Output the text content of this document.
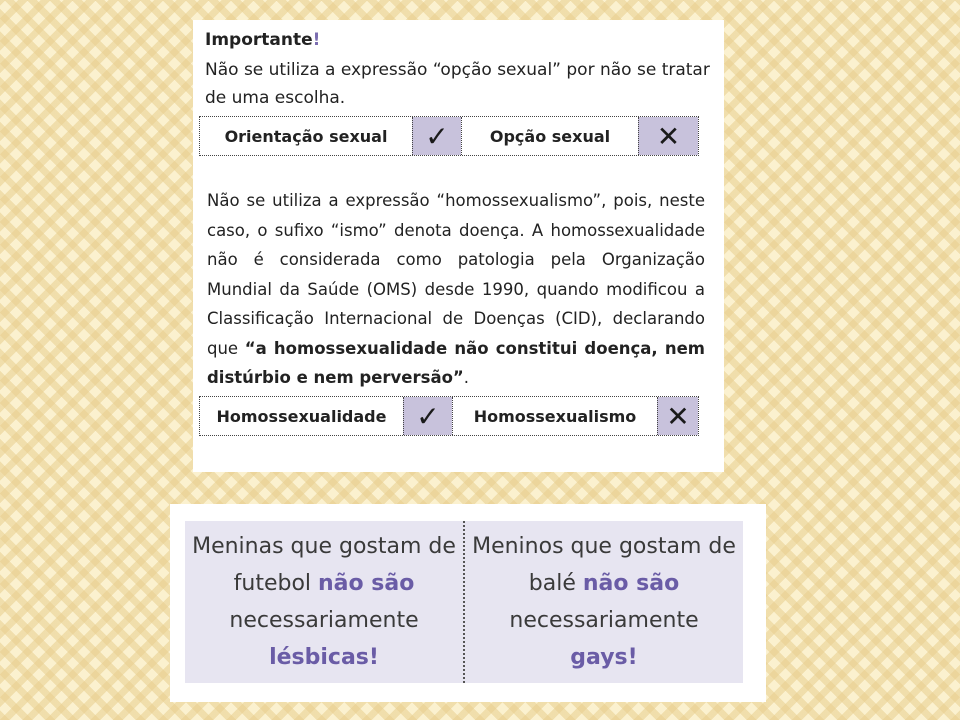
Importante!

Não se utiliza a expressão “opção sexual” por não se tratar de uma escolha.

Orientação sexual	✓	Opção sexual	✕

Não se utiliza a expressão “homossexualismo”, pois, neste caso, o sufixo “ismo” denota doença. A homossexualidade não é considerada como patologia pela Organização Mundial da Saúde (OMS) desde 1990, quando modificou a Classificação Internacional de Doenças (CID), declarando que “a homossexualidade não constitui doença, nem distúrbio e nem perversão”.

Homossexualidade	✓	Homossexualismo	✕
Meninas que gostam de futebol não são
necessariamente
lésbicas!
Meninos que gostam de balé não são
necessariamente
gays!
